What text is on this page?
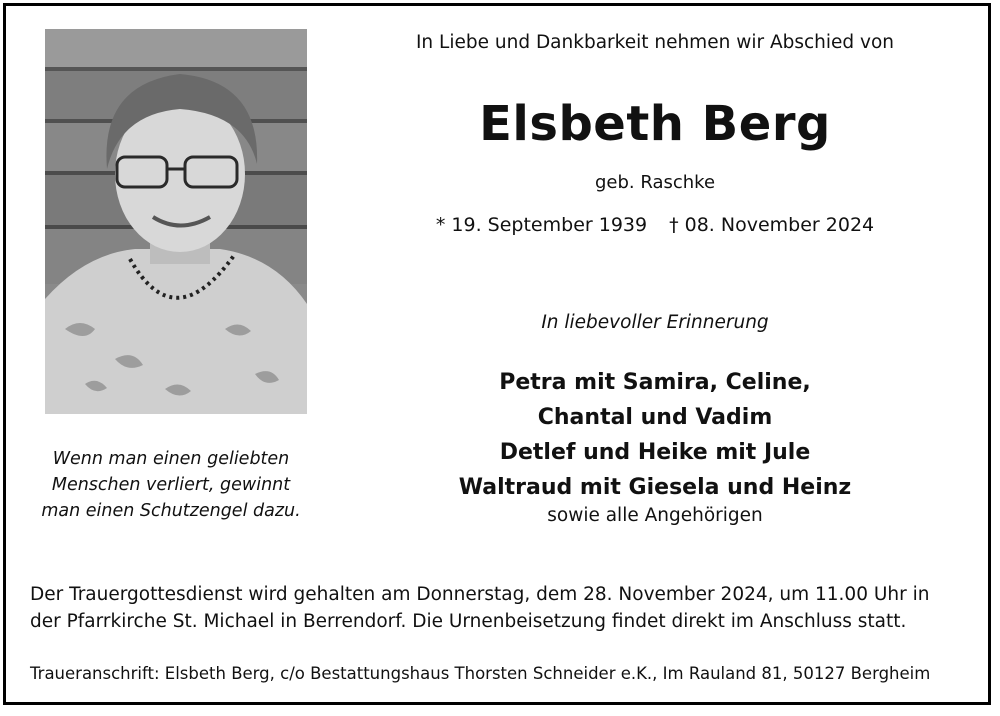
Wenn man einen geliebten
Menschen verliert, gewinnt
man einen Schutzengel dazu.
In Liebe und Dankbarkeit nehmen wir Abschied von
Elsbeth Berg
geb. Raschke
* 19. September 1939 † 08. November 2024
In liebevoller Erinnerung
Petra mit Samira, Celine,
Chantal und Vadim
Detlef und Heike mit Jule
Waltraud mit Giesela und Heinz
sowie alle Angehörigen
Der Trauergottesdienst wird gehalten am Donnerstag, dem 28. November 2024, um 11.00 Uhr in
der Pfarrkirche St. Michael in Berrendorf. Die Urnenbeisetzung findet direkt im Anschluss statt.
Traueranschrift: Elsbeth Berg, c/o Bestattungshaus Thorsten Schneider e.K., Im Rauland 81, 50127 Bergheim
